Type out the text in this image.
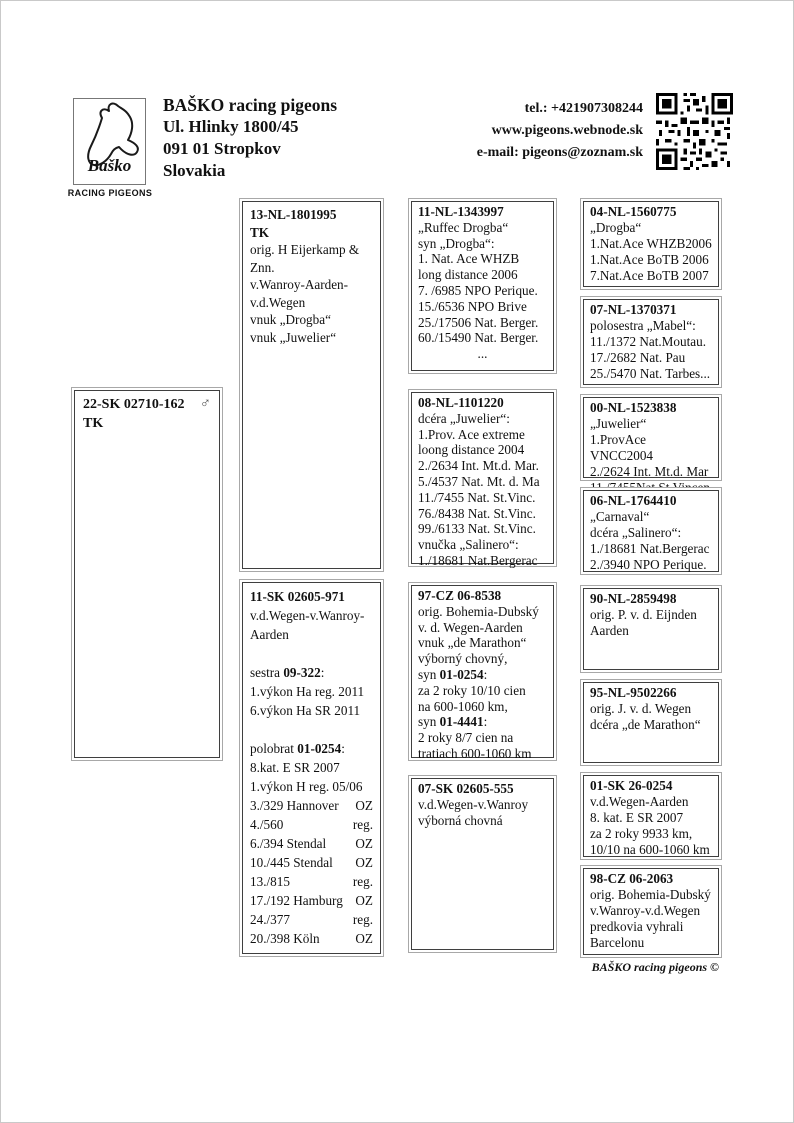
Baško
RACING PIGEONS
BAŠKO racing pigeons
Ul. Hlinky 1800/45
091 01 Stropkov
Slovakia
tel.: +421907308244
www.pigeons.webnode.sk
e-mail: pigeons@zoznam.sk
♂
22-SK 02710-162
TK
13-NL-1801995
TK
orig. H Eijerkamp &
Znn.
v.Wanroy-Aarden-
v.d.Wegen
vnuk „Drogba“
vnuk „Juwelier“
11-SK 02605-971
v.d.Wegen-v.Wanroy-
Aarden

sestra 09-322:
1.výkon Ha reg. 2011
6.výkon Ha SR 2011

polobrat 01-0254:
8.kat. E SR 2007
1.výkon H reg. 05/06
3./329 Hannover OZ
4./560	reg.
6./394 Stendal OZ
10./445 Stendal OZ
13./815	reg.
17./192 Hamburg OZ
24./377	reg.
20./398 Köln	OZ
11-NL-1343997
„Ruffec Drogba“
syn „Drogba“:
1. Nat. Ace WHZB
long distance 2006
7. /6985 NPO Perique.
15./6536 NPO Brive
25./17506 Nat. Berger.
60./15490 Nat. Berger.
...
08-NL-1101220
dcéra „Juwelier“:
1.Prov. Ace extreme
loong distance 2004
2./2634 Int. Mt.d. Mar.
5./4537 Nat. Mt. d. Ma
11./7455 Nat. St.Vinc.
76./8438 Nat. St.Vinc.
99./6133 Nat. St.Vinc.
vnučka „Salinero“:
1./18681 Nat.Bergerac
97-CZ 06-8538
orig. Bohemia-Dubský
v. d. Wegen-Aarden
vnuk „de Marathon“
výborný chovný,
syn 01-0254:
za 2 roky 10/10 cien
na 600-1060 km,
syn 01-4441:
2 roky 8/7 cien na
tratiach 600-1060 km
07-SK 02605-555
v.d.Wegen-v.Wanroy
výborná chovná
04-NL-1560775
„Drogba“
1.Nat.Ace WHZB2006
1.Nat.Ace BoTB 2006
7.Nat.Ace BoTB 2007
07-NL-1370371
polosestra „Mabel“:
11./1372 Nat.Moutau.
17./2682 Nat. Pau
25./5470 Nat. Tarbes...
00-NL-1523838
„Juwelier“
1.ProvAce VNCC2004
2./2624 Int. Mt.d. Mar
06-NL-1764410
„Carnaval“
dcéra „Salinero“:
1./18681 Nat.Bergerac
2./3940 NPO Perique.
90-NL-2859498
orig. P. v. d. Eijnden
Aarden
95-NL-9502266
orig. J. v. d. Wegen
dcéra „de Marathon“
01-SK 26-0254
v.d.Wegen-Aarden
8. kat. E SR 2007
za 2 roky 9933 km,
10/10 na 600-1060 km
98-CZ 06-2063
orig. Bohemia-Dubský
v.Wanroy-v.d.Wegen
predkovia vyhrali
Barcelonu
BAŠKO racing pigeons ©
